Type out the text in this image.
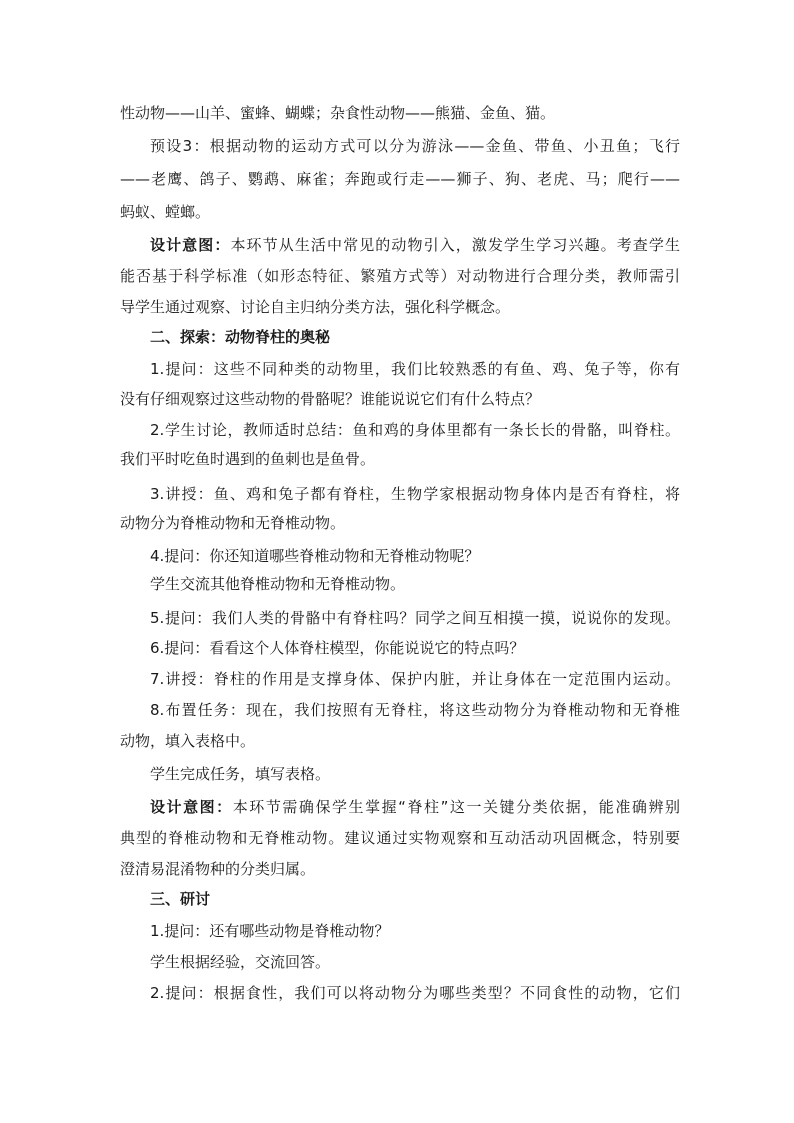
性动物——山羊、蜜蜂、蝴蝶；杂食性动物——熊猫、金鱼、猫。
预设3：根据动物的运动方式可以分为游泳——金鱼、带鱼、小丑鱼；飞行
——老鹰、鸽子、鹦鹉、麻雀；奔跑或行走——狮子、狗、老虎、马；爬行——
蚂蚁、螳螂。
设计意图：本环节从生活中常见的动物引入，激发学生学习兴趣。考查学生
能否基于科学标准（如形态特征、繁殖方式等）对动物进行合理分类，教师需引
导学生通过观察、讨论自主归纳分类方法，强化科学概念。
二、探索：动物脊柱的奥秘
1.提问：这些不同种类的动物里，我们比较熟悉的有鱼、鸡、兔子等，你有
没有仔细观察过这些动物的骨骼呢？谁能说说它们有什么特点？
2.学生讨论，教师适时总结：鱼和鸡的身体里都有一条长长的骨骼，叫脊柱。
我们平时吃鱼时遇到的鱼刺也是鱼骨。
3.讲授：鱼、鸡和兔子都有脊柱，生物学家根据动物身体内是否有脊柱，将
动物分为脊椎动物和无脊椎动物。
4.提问：你还知道哪些脊椎动物和无脊椎动物呢？
学生交流其他脊椎动物和无脊椎动物。
5.提问：我们人类的骨骼中有脊柱吗？同学之间互相摸一摸，说说你的发现。
6.提问：看看这个人体脊柱模型，你能说说它的特点吗？
7.讲授：脊柱的作用是支撑身体、保护内脏，并让身体在一定范围内运动。
8.布置任务：现在，我们按照有无脊柱，将这些动物分为脊椎动物和无脊椎
动物，填入表格中。
学生完成任务，填写表格。
设计意图：本环节需确保学生掌握“脊柱”这一关键分类依据，能准确辨别
典型的脊椎动物和无脊椎动物。建议通过实物观察和互动活动巩固概念，特别要
澄清易混淆物种的分类归属。
三、研讨
1.提问：还有哪些动物是脊椎动物？
学生根据经验，交流回答。
2.提问：根据食性，我们可以将动物分为哪些类型？不同食性的动物，它们
